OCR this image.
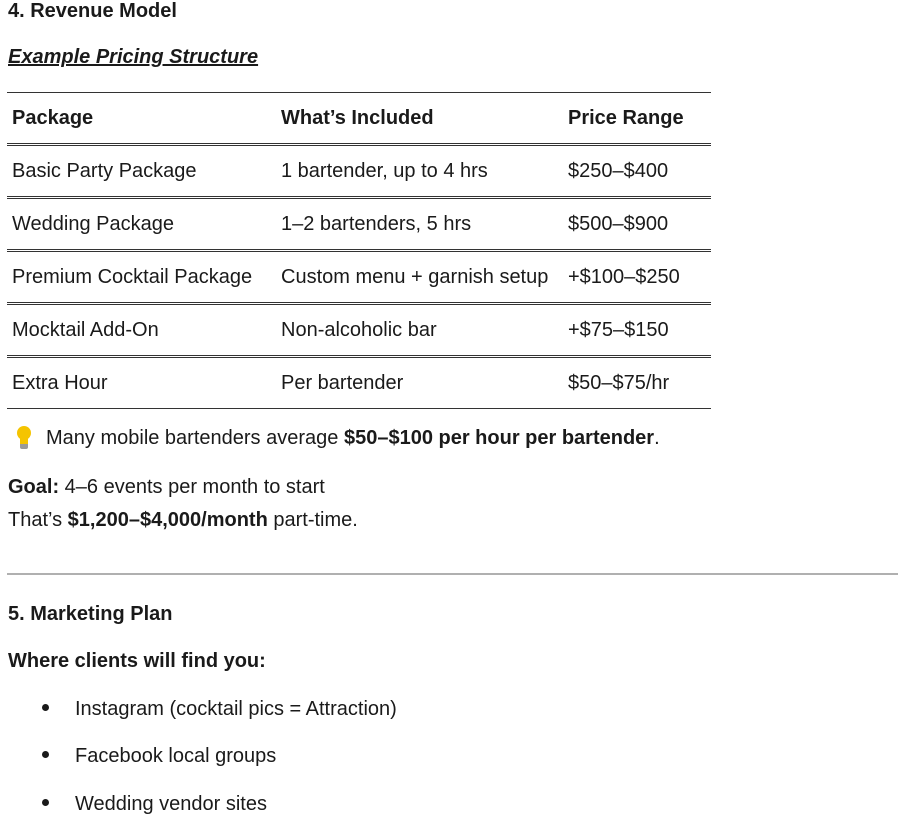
4. Revenue Model
Example Pricing Structure
Package	What’s Included	Price Range
Basic Party Package	1 bartender, up to 4 hrs	$250–$400
Wedding Package	1–2 bartenders, 5 hrs	$500–$900
Premium Cocktail Package	Custom menu + garnish setup	+$100–$250
Mocktail Add-On	Non-alcoholic bar	+$75–$150
Extra Hour	Per bartender	$50–$75/hr
Many mobile bartenders average $50–$100 per hour per bartender.
Goal: 4–6 events per month to start
That’s $1,200–$4,000/month part-time.
5. Marketing Plan
Where clients will find you:
Instagram (cocktail pics = Attraction)
Facebook local groups
Wedding vendor sites
